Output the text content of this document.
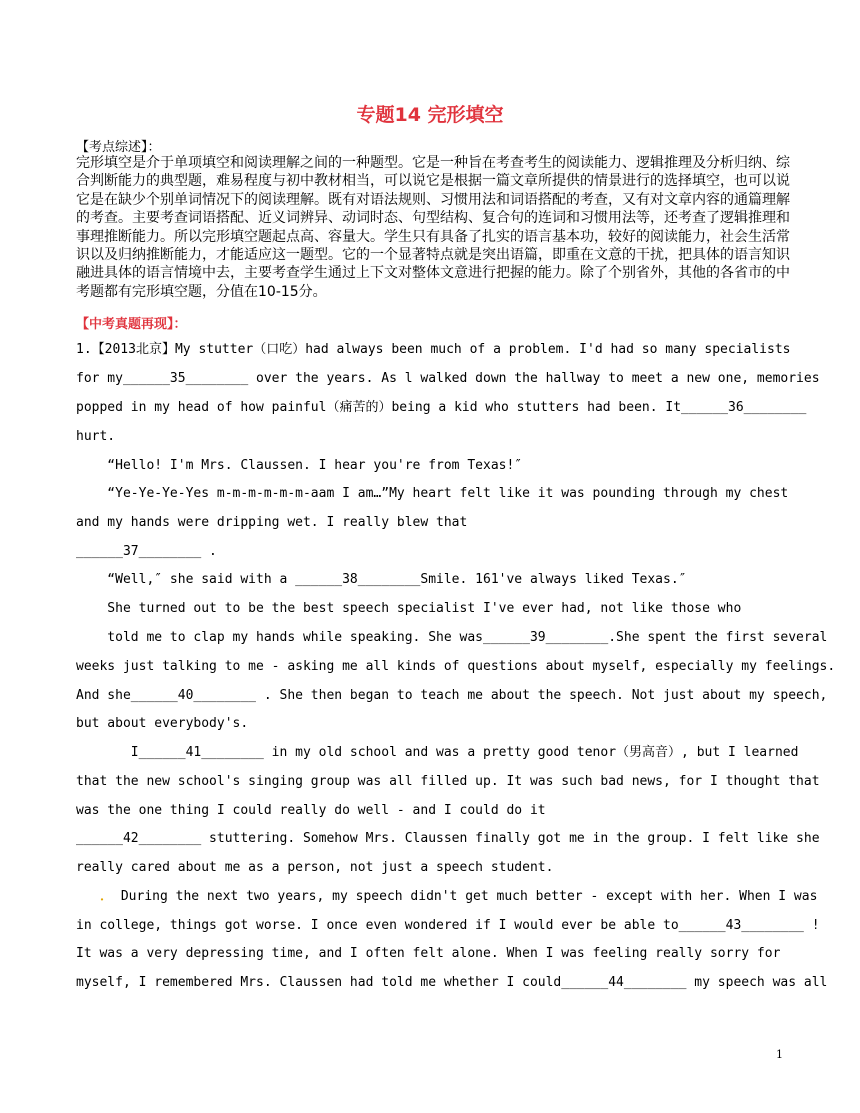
专题14 完形填空
【考点综述】：

完形填空是介于单项填空和阅读理解之间的一种题型。它是一种旨在考查考生的阅读能力、逻辑推理及分析归纳、综合判断能力的典型题，难易程度与初中教材相当，可以说它是根据一篇文章所提供的情景进行的选择填空，也可以说它是在缺少个别单词情况下的阅读理解。既有对语法规则、习惯用法和词语搭配的考查，又有对文章内容的通篇理解的考查。主要考查词语搭配、近义词辨异、动词时态、句型结构、复合句的连词和习惯用法等，还考查了逻辑推理和事理推断能力。所以完形填空题起点高、容量大。学生只有具备了扎实的语言基本功，较好的阅读能力，社会生活常识以及归纳推断能力，才能适应这一题型。它的一个显著特点就是突出语篇，即重在文意的干扰，把具体的语言知识融进具体的语言情境中去，主要考查学生通过上下文对整体文意进行把握的能力。除了个别省外，其他的各省市的中考题都有完形填空题，分值在10-15分。

【中考真题再现】：
1.【2013北京】My stutter（口吃）had always been much of a problem. I'd had so many specialists
for my______35________ over the years. As l walked down the hallway to meet a new one, memories
popped in my head of how painful（痛苦的）being a kid who stutters had been. It______36________
hurt.
“Hello! I'm Mrs. Claussen. I hear you're from Texas!″
“Ye-Ye-Ye-Yes m-m-m-m-m-m-aam I am…”My heart felt like it was pounding through my chest
and my hands were dripping wet. I really blew that
______37________ .
“Well,″ she said with a ______38________Smile. 161've always liked Texas.″
She turned out to be the best speech specialist I've ever had, not like those who
told me to clap my hands while speaking. She was______39________.She spent the first several
weeks just talking to me - asking me all kinds of questions about myself, especially my feelings.
And she______40________ . She then began to teach me about the speech. Not just about my speech,
but about everybody's.
I______41________ in my old school and was a pretty good tenor（男高音）, but I learned
that the new school's singing group was all filled up. It was such bad news, for I thought that
was the one thing I could really do well - and I could do it
______42________ stuttering. Somehow Mrs. Claussen finally got me in the group. I felt like she
really cared about me as a person, not just a speech student.
． During the next two years, my speech didn't get much better - except with her. When I was
in college, things got worse. I once even wondered if I would ever be able to______43________ !
It was a very depressing time, and I often felt alone. When I was feeling really sorry for
myself, I remembered Mrs. Claussen had told me whether I could______44________ my speech was all
1
